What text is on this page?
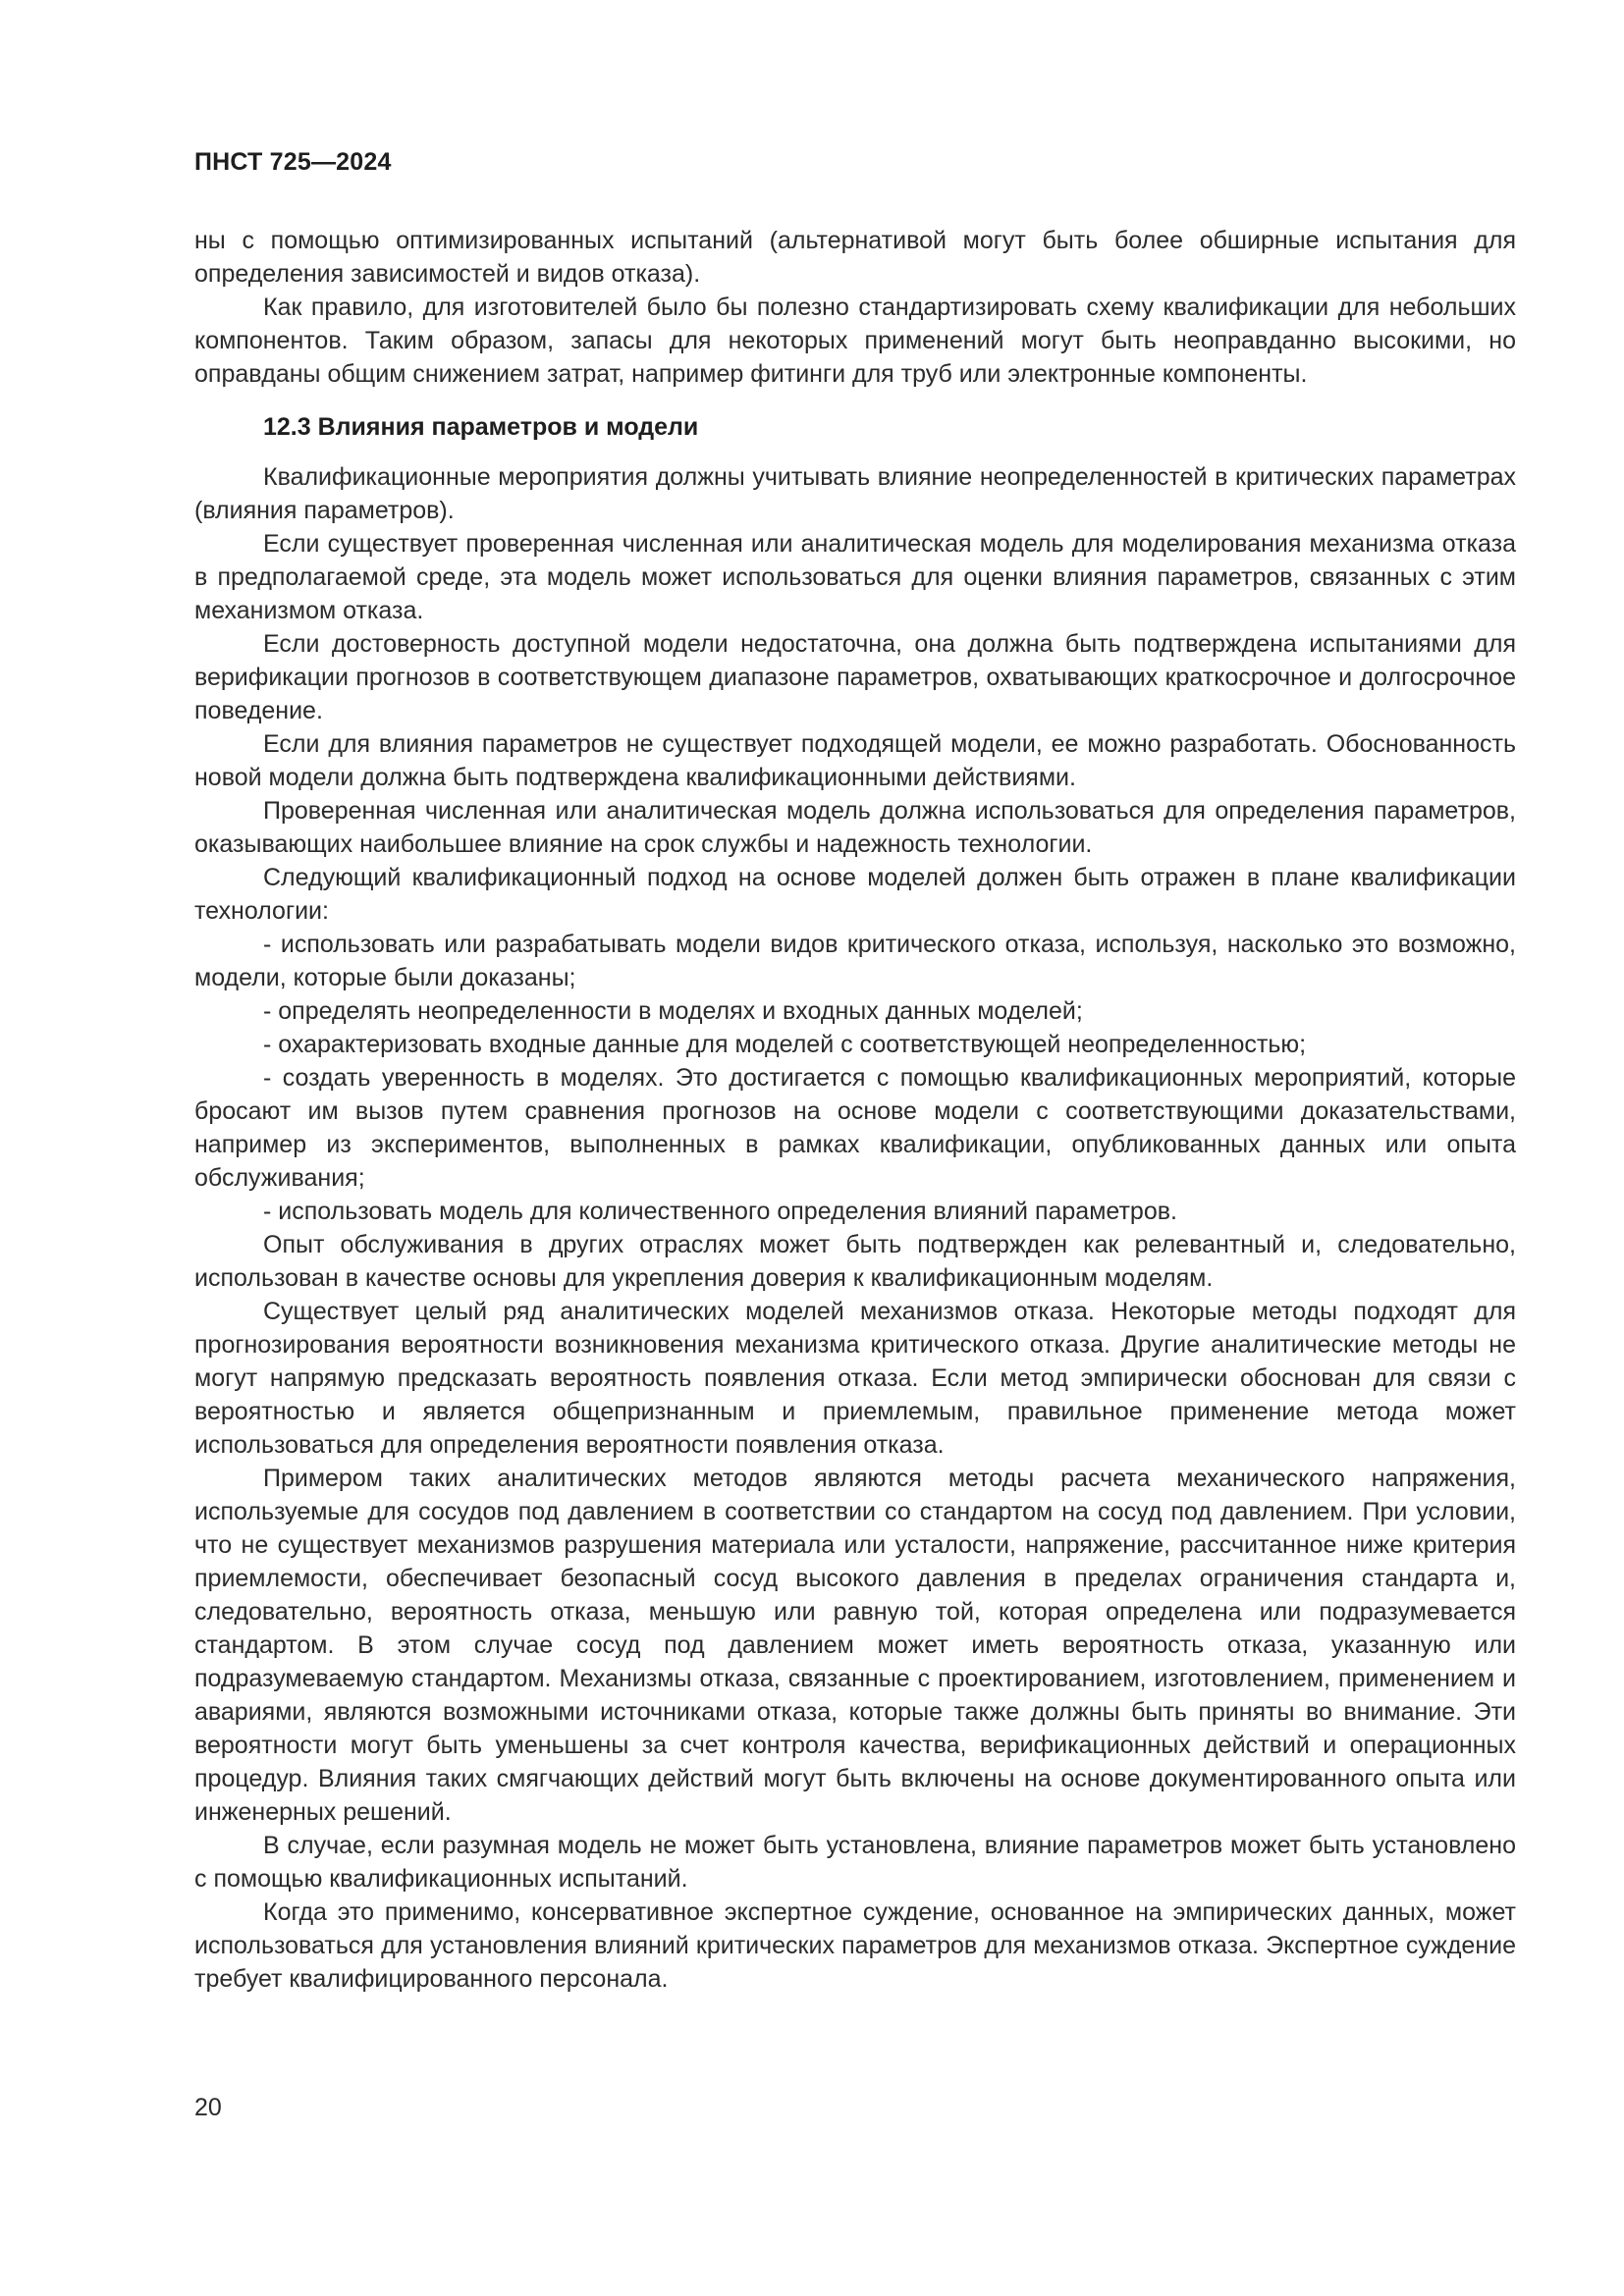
ПНСТ 725—2024

ны с помощью оптимизированных испытаний (альтернативой могут быть более обширные испытания для определения зависимостей и видов отказа).

Как правило, для изготовителей было бы полезно стандартизировать схему квалификации для небольших компонентов. Таким образом, запасы для некоторых применений могут быть неоправданно высокими, но оправданы общим снижением затрат, например фитинги для труб или электронные компоненты.

12.3 Влияния параметров и модели

Квалификационные мероприятия должны учитывать влияние неопределенностей в критических параметрах (влияния параметров).

Если существует проверенная численная или аналитическая модель для моделирования механизма отказа в предполагаемой среде, эта модель может использоваться для оценки влияния параметров, связанных с этим механизмом отказа.

Если достоверность доступной модели недостаточна, она должна быть подтверждена испытаниями для верификации прогнозов в соответствующем диапазоне параметров, охватывающих краткосрочное и долгосрочное поведение.

Если для влияния параметров не существует подходящей модели, ее можно разработать. Обоснованность новой модели должна быть подтверждена квалификационными действиями.

Проверенная численная или аналитическая модель должна использоваться для определения параметров, оказывающих наибольшее влияние на срок службы и надежность технологии.

Следующий квалификационный подход на основе моделей должен быть отражен в плане квалификации технологии:

- использовать или разрабатывать модели видов критического отказа, используя, насколько это возможно, модели, которые были доказаны;

- определять неопределенности в моделях и входных данных моделей;

- охарактеризовать входные данные для моделей с соответствующей неопределенностью;

- создать уверенность в моделях. Это достигается с помощью квалификационных мероприятий, которые бросают им вызов путем сравнения прогнозов на основе модели с соответствующими доказательствами, например из экспериментов, выполненных в рамках квалификации, опубликованных данных или опыта обслуживания;

- использовать модель для количественного определения влияний параметров.

Опыт обслуживания в других отраслях может быть подтвержден как релевантный и, следовательно, использован в качестве основы для укрепления доверия к квалификационным моделям.

Существует целый ряд аналитических моделей механизмов отказа. Некоторые методы подходят для прогнозирования вероятности возникновения механизма критического отказа. Другие аналитические методы не могут напрямую предсказать вероятность появления отказа. Если метод эмпирически обоснован для связи с вероятностью и является общепризнанным и приемлемым, правильное применение метода может использоваться для определения вероятности появления отказа.

Примером таких аналитических методов являются методы расчета механического напряжения, используемые для сосудов под давлением в соответствии со стандартом на сосуд под давлением. При условии, что не существует механизмов разрушения материала или усталости, напряжение, рассчитанное ниже критерия приемлемости, обеспечивает безопасный сосуд высокого давления в пределах ограничения стандарта и, следовательно, вероятность отказа, меньшую или равную той, которая определена или подразумевается стандартом. В этом случае сосуд под давлением может иметь вероятность отказа, указанную или подразумеваемую стандартом. Механизмы отказа, связанные с проектированием, изготовлением, применением и авариями, являются возможными источниками отказа, которые также должны быть приняты во внимание. Эти вероятности могут быть уменьшены за счет контроля качества, верификационных действий и операционных процедур. Влияния таких смягчающих действий могут быть включены на основе документированного опыта или инженерных решений.

В случае, если разумная модель не может быть установлена, влияние параметров может быть установлено с помощью квалификационных испытаний.

Когда это применимо, консервативное экспертное суждение, основанное на эмпирических данных, может использоваться для установления влияний критических параметров для механизмов отказа. Экспертное суждение требует квалифицированного персонала.

20
